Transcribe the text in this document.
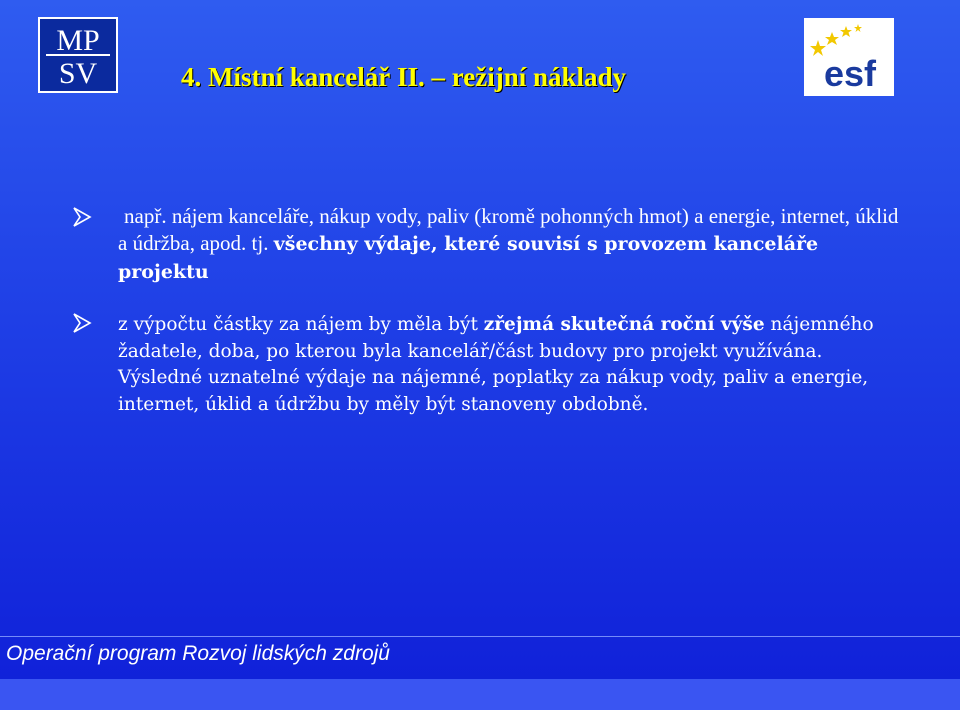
MP
SV	4. Místní kancelář II. – režijní náklady	esf
např. nájem kanceláře, nákup vody, paliv (kromě pohonných hmot) a energie, internet, úklid a údržba, apod. tj. všechny výdaje, které souvisí s provozem kanceláře projektu
z výpočtu částky za nájem by měla být zřejmá skutečná roční výše nájemného žadatele, doba, po kterou byla kancelář/část budovy pro projekt využívána. Výsledné uznatelné výdaje na nájemné, poplatky za nákup vody, paliv a energie, internet, úklid a údržbu by měly být stanoveny obdobně.
Operační program Rozvoj lidských zdrojů
